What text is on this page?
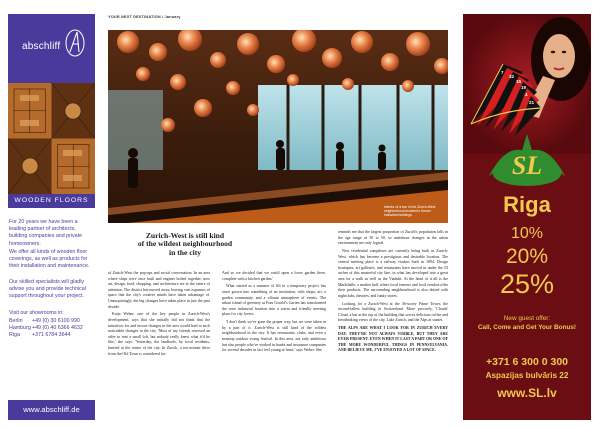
YOUR NEXT DESTINATION / January
abschliff
WOODEN FLOORS
For 20 years we have been a leading partner of architects, building companies and private homeowners.
We offer all kinds of wooden floor coverings, as well as products for their installation and maintenance.
Our skilled specialists will gladly advise you and provide technical support throughout your project.
Visit our showrooms in:
Berlin	+49 (0) 30 6100 990
Hamburg +49 (0) 40 6366 4632
Riga	+371 6784 3644
www.abschliff.de
Interior of a bar in the Zurich-West neighborhood located in former industrial buildings
Zurich-West is still kind
of the wildest neighbourhood
in the city

of Zurich-West the pop-ups and social conversation. In an area where ships were once built and engines bolted together, now art, design, food, shopping, and architecture are at the centre of attention. The district has moved away, leaving vast expanses of space that the city's creative minds have taken advantage of. Unsurprisingly, the big changes have taken place in just the past decade.

Katja Weber, one of the key people in Zurich-West's development, says that she initially did not think that the initiatives for and favour changes in the area would lead to such noticeable changes in the city. 'Most of my friends reserved an offer to rent a small loft, but nobody really knew what it'd be like,' she says. 'Yesterday, the landlords, by local residents, hurried at the centre of the city. In Zurich, a ten minute drive from the Old Town is considered far.

And so we decided that we could open a loose garden there, complete with a kitchen garden.'

What started as a summer of fill in a temporary project has since grown into something of an institution, with shops, art, a garden community, and a vibrant atmosphere of events. The urban island of greenery at Frau Gerold's Garten has transformed the once industrial location into a warm and friendly meeting place for city lovers.

'I don't think we've gone the proper way, but we were taken in by a part of it. Zurich-West is still kind of the wildest neighbourhood in the city. It has restaurants, clubs, and even a nonstop outdoor swing festival. In this area, not only ambitious but also people who've worked in banks and insurance companies for several decades in fact feel young at heart,' says Weber. She

reminds me that the largest proportion of Zurich's population falls in the age range of 30 to 50, so ambitious changes in the urban environment are only logical.

New residential complexes are currently being built in Zurich-West, which has become a prestigious and desirable location. The central meeting place is a railway viaduct built in 1894. Design boutiques, art galleries, and restaurants have moved in under the 53 arches of this masterful city line, in what has developed into a great area for a walk as well as the Viadukt. At the heart of it all is the Markthalle, a market hall, where local farmers and food vendors offer their products. The surrounding neighbourhood is also dotted with nightclubs, theatres, and funky stores.

Looking for a Zurich-West at the 36-storey Prime Tower, the second-tallest building in Switzerland. More precisely, 'Clouds' Cloud, a bar at the top of the building that serves delicious coffee and breathtaking views of the city, Lake Zurich, and the Alps at sunset.

THE ALPS ARE WHAT I LOOK FOR IN ZURICH EVERY DAY. THEY'RE NOT ALWAYS VISIBLE, BUT THEY ARE EVER PRESENT. EVEN WHEN IT LAST A PART OR ONE OF THE MORE WONDERFUL THINGS IN PENNSYLVANIA. AND BELIEVE ME, I'VE ENJOYED A LOT OF SPACE.

7
32
15
19
4
21
SL
Riga
10%
20%
25%
New guest offer:
Call, Come and Get Your Bonus!
+371 6 300 0 300
Aspazijas bulvāris 22
www.SL.lv
